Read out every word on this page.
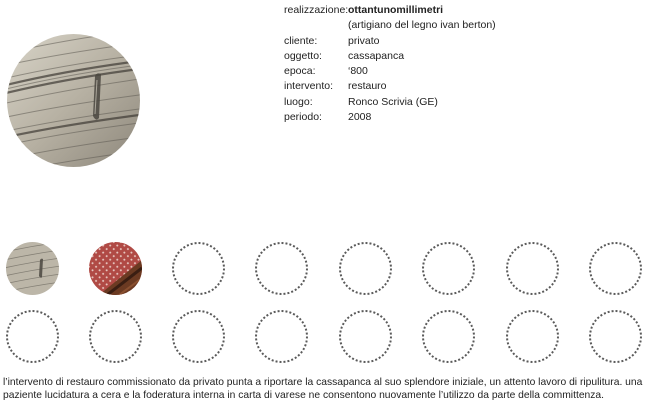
realizzazione: ottantunomillimetri
(artigiano del legno ivan berton)
cliente:	privato
oggetto:	cassapanca
epoca:	‘800
intervento:	restauro
luogo:	Ronco Scrivia (GE)
periodo:	2008
l’intervento di restauro commissionato da privato punta a riportare la cassapanca al suo splendore iniziale, un attento lavoro di ripulitura. una paziente lucidatura a cera e la foderatura interna in carta di varese ne consentono nuovamente l’utilizzo da parte della committenza.
